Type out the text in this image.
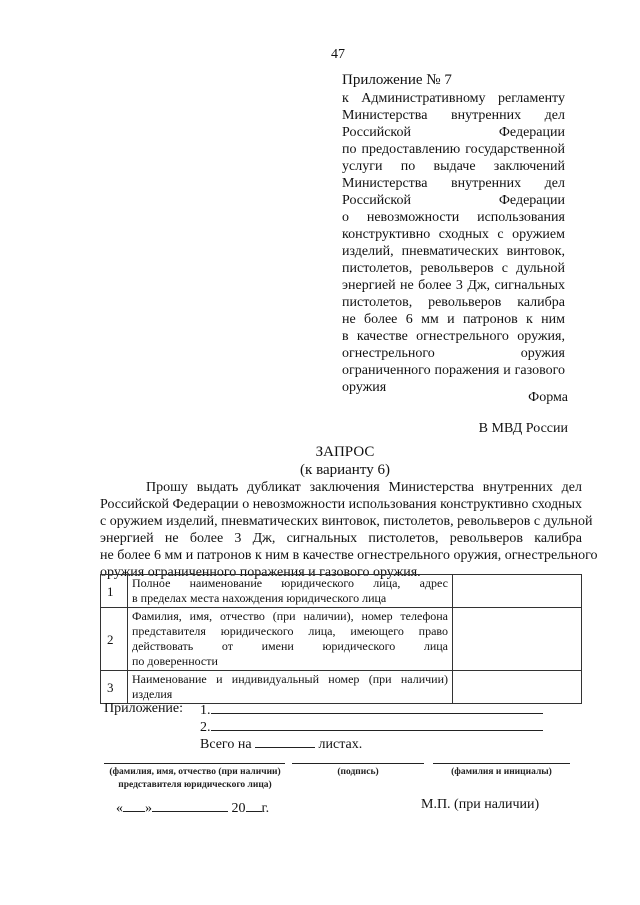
47
Приложение № 7
к Административному регламенту
Министерства внутренних дел
Российской Федерации
по предоставлению государственной
услуги по выдаче заключений
Министерства внутренних дел
Российской Федерации
о невозможности использования
конструктивно сходных с оружием
изделий, пневматических винтовок,
пистолетов, револьверов с дульной
энергией не более 3 Дж, сигнальных
пистолетов, револьверов калибра
не более 6 мм и патронов к ним
в качестве огнестрельного оружия,
огнестрельного оружия
ограниченного поражения и газового
оружия
Форма
В МВД России
ЗАПРОС
(к варианту 6)
Прошу выдать дубликат заключения Министерства внутренних дел
Российской Федерации о невозможности использования конструктивно сходных
с оружием изделий, пневматических винтовок, пистолетов, револьверов с дульной
энергией не более 3 Дж, сигнальных пистолетов, револьверов калибра
не более 6 мм и патронов к ним в качестве огнестрельного оружия, огнестрельного
оружия ограниченного поражения и газового оружия.
1	Полное наименование юридического лица, адрес
в пределах места нахождения юридического лица	

2	Фамилия, имя, отчество (при наличии), номер телефона
представителя юридического лица, имеющего право
действовать от имени юридического лица
по доверенности	

3	Наименование и индивидуальный номер (при наличии)
изделия	

Приложение: 1.
2.
Всего на	листах.
(фамилия, имя, отчество (при наличии)
представителя юридического лица)
(подпись)	(фамилия и инициалы)
« »	20 г.	М.П. (при наличии)
